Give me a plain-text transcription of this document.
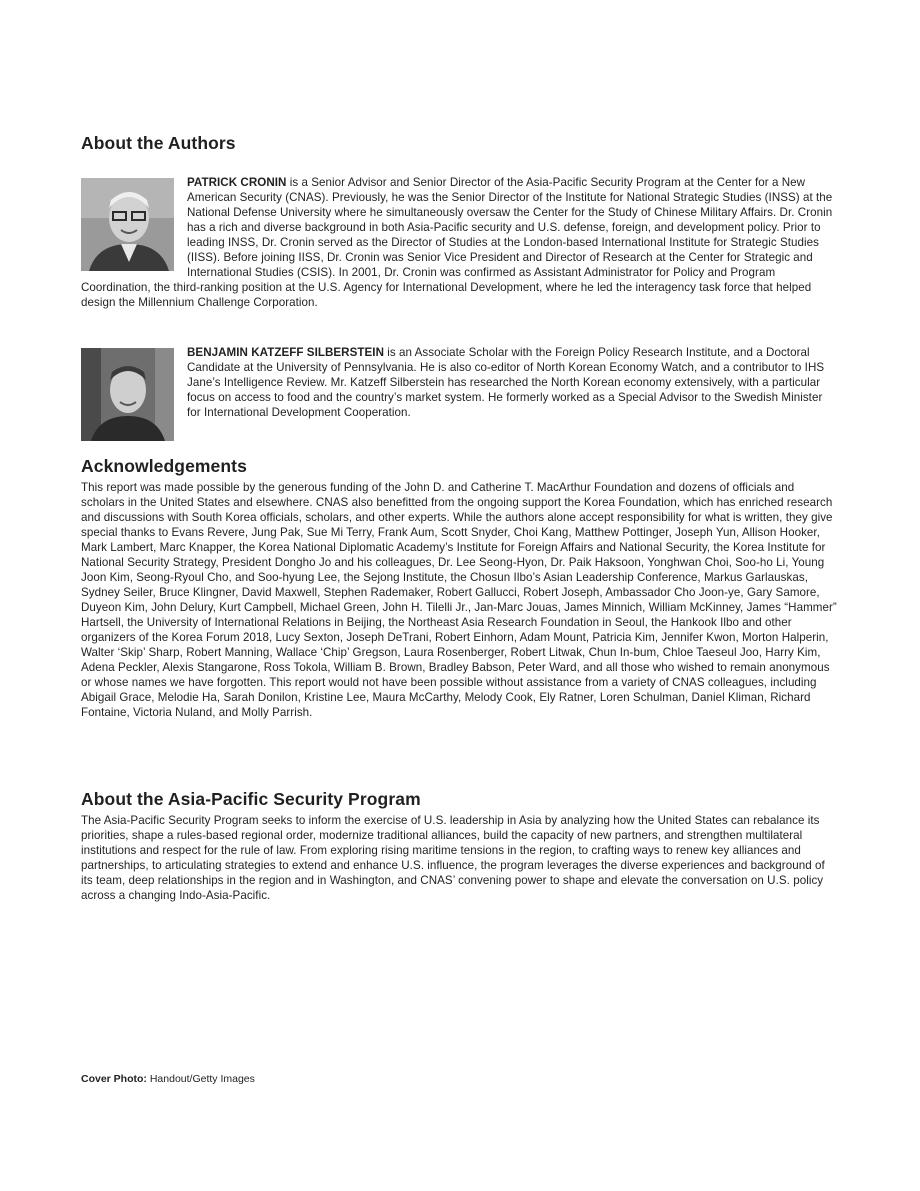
About the Authors

PATRICK CRONIN is a Senior Advisor and Senior Director of the Asia-Pacific Security Program at the Center for a New American Security (CNAS). Previously, he was the Senior Director of the Institute for National Strategic Studies (INSS) at the National Defense University where he simultaneously oversaw the Center for the Study of Chinese Military Affairs. Dr. Cronin has a rich and diverse background in both Asia-Pacific security and U.S. defense, foreign, and development policy. Prior to leading INSS, Dr. Cronin served as the Director of Studies at the London-based International Institute for Strategic Studies (IISS). Before joining IISS, Dr. Cronin was Senior Vice President and Director of Research at the Center for Strategic and International Studies (CSIS). In 2001, Dr. Cronin was confirmed as Assistant Administrator for Policy and Program Coordination, the third-ranking position at the U.S. Agency for International Development, where he led the interagency task force that helped design the Millennium Challenge Corporation.

BENJAMIN KATZEFF SILBERSTEIN is an Associate Scholar with the Foreign Policy Research Institute, and a Doctoral Candidate at the University of Pennsylvania. He is also co-editor of North Korean Economy Watch, and a contributor to IHS Jane’s Intelligence Review. Mr. Katzeff Silberstein has researched the North Korean economy extensively, with a particular focus on access to food and the country’s market system. He formerly worked as a Special Advisor to the Swedish Minister for International Development Cooperation.

Acknowledgements

This report was made possible by the generous funding of the John D. and Catherine T. MacArthur Foundation and dozens of officials and scholars in the United States and elsewhere. CNAS also benefitted from the ongoing support the Korea Foundation, which has enriched research and discussions with South Korea officials, scholars, and other experts. While the authors alone accept responsibility for what is written, they give special thanks to Evans Revere, Jung Pak, Sue Mi Terry, Frank Aum, Scott Snyder, Choi Kang, Matthew Pottinger, Joseph Yun, Allison Hooker, Mark Lambert, Marc Knapper, the Korea National Diplomatic Academy’s Institute for Foreign Affairs and National Security, the Korea Institute for National Security Strategy, President Dongho Jo and his colleagues, Dr. Lee Seong-Hyon, Dr. Paik Haksoon, Yonghwan Choi, Soo-ho Li, Young Joon Kim, Seong-Ryoul Cho, and Soo-hyung Lee, the Sejong Institute, the Chosun Ilbo’s Asian Leadership Conference, Markus Garlauskas, Sydney Seiler, Bruce Klingner, David Maxwell, Stephen Rademaker, Robert Gallucci, Robert Joseph, Ambassador Cho Joon-ye, Gary Samore, Duyeon Kim, John Delury, Kurt Campbell, Michael Green, John H. Tilelli Jr., Jan-Marc Jouas, James Minnich, William McKinney, James “Hammer” Hartsell, the University of International Relations in Beijing, the Northeast Asia Research Foundation in Seoul, the Hankook Ilbo and other organizers of the Korea Forum 2018, Lucy Sexton, Joseph DeTrani, Robert Einhorn, Adam Mount, Patricia Kim, Jennifer Kwon, Morton Halperin, Walter ‘Skip’ Sharp, Robert Manning, Wallace ‘Chip’ Gregson, Laura Rosenberger, Robert Litwak, Chun In-bum, Chloe Taeseul Joo, Harry Kim, Adena Peckler, Alexis Stangarone, Ross Tokola, William B. Brown, Bradley Babson, Peter Ward, and all those who wished to remain anonymous or whose names we have forgotten. This report would not have been possible without assistance from a variety of CNAS colleagues, including Abigail Grace, Melodie Ha, Sarah Donilon, Kristine Lee, Maura McCarthy, Melody Cook, Ely Ratner, Loren Schulman, Daniel Kliman, Richard Fontaine, Victoria Nuland, and Molly Parrish.

About the Asia-Pacific Security Program

The Asia-Pacific Security Program seeks to inform the exercise of U.S. leadership in Asia by analyzing how the United States can rebalance its priorities, shape a rules-based regional order, modernize traditional alliances, build the capacity of new partners, and strengthen multilateral institutions and respect for the rule of law. From exploring rising maritime tensions in the region, to crafting ways to renew key alliances and partnerships, to articulating strategies to extend and enhance U.S. influence, the program leverages the diverse experiences and background of its team, deep relationships in the region and in Washington, and CNAS’ convening power to shape and elevate the conversation on U.S. policy across a changing Indo-Asia-Pacific.

Cover Photo: Handout/Getty Images
